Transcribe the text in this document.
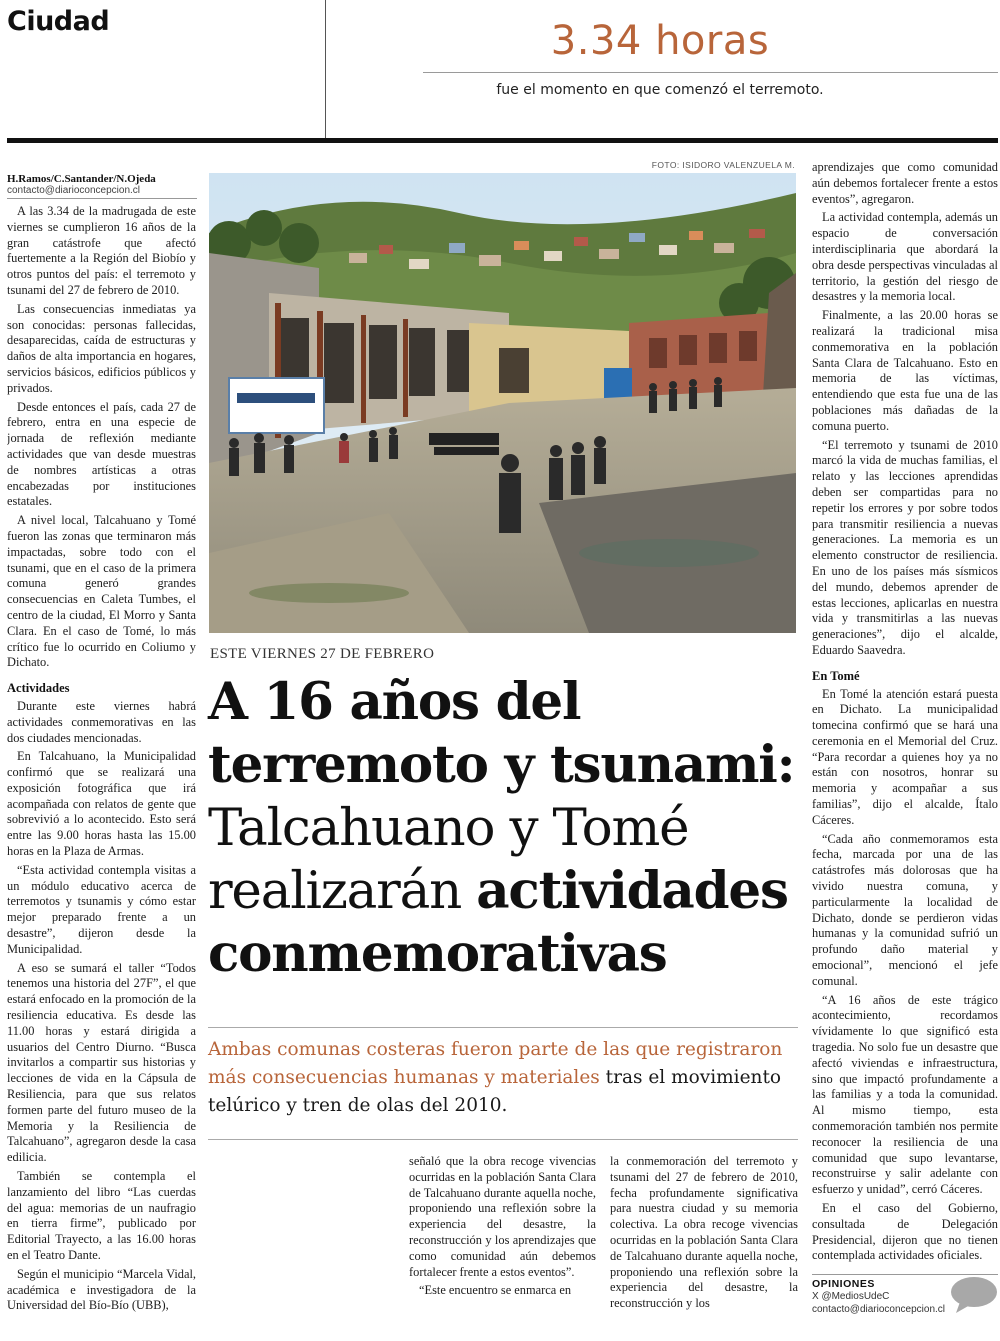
Ciudad	3.34 horas
fue el momento en que comenzó el terremoto.
H.Ramos/C.Santander/N.Ojeda
contacto@diarioconcepcion.cl

A las 3.34 de la madrugada de este viernes se cumplieron 16 años de la gran catástrofe que afectó fuertemente a la Región del Biobío y otros puntos del país: el terremoto y tsunami del 27 de febrero de 2010.

Las consecuencias inmediatas ya son conocidas: personas fallecidas, desaparecidas, caída de estructuras y daños de alta importancia en hogares, servicios básicos, edificios públicos y privados.

Desde entonces el país, cada 27 de febrero, entra en una especie de jornada de reflexión mediante actividades que van desde muestras de nombres artísticas a otras encabezadas por instituciones estatales.

A nivel local, Talcahuano y Tomé fueron las zonas que terminaron más impactadas, sobre todo con el tsunami, que en el caso de la primera comuna generó grandes consecuencias en Caleta Tumbes, el centro de la ciudad, El Morro y Santa Clara. En el caso de Tomé, lo más crítico fue lo ocurrido en Coliumo y Dichato.

Actividades

Durante este viernes habrá actividades conmemorativas en las dos ciudades mencionadas.

En Talcahuano, la Municipalidad confirmó que se realizará una exposición fotográfica que irá acompañada con relatos de gente que sobrevivió a lo acontecido. Esto será entre las 9.00 horas hasta las 15.00 horas en la Plaza de Armas.

“Esta actividad contempla visitas a un módulo educativo acerca de terremotos y tsunamis y cómo estar mejor preparado frente a un desastre”, dijeron desde la Municipalidad.

A eso se sumará el taller “Todos tenemos una historia del 27F”, el que estará enfocado en la promoción de la resiliencia educativa. Es desde las 11.00 horas y estará dirigida a usuarios del Centro Diurno. “Busca invitarlos a compartir sus historias y lecciones de vida en la Cápsula de Resiliencia, para que sus relatos formen parte del futuro museo de la Memoria y la Resiliencia de Talcahuano”, agregaron desde la casa edilicia.

También se contempla el lanzamiento del libro “Las cuerdas del agua: memorias de un naufragio en tierra firme”, publicado por Editorial Trayecto, a las 16.00 horas en el Teatro Dante.

Según el municipio “Marcela Vidal, académica e investigadora de la Universidad del Bío-Bío (UBB),

FOTO: ISIDORO VALENZUELA M.
ESTE VIERNES 27 DE FEBRERO
A 16 años del terremoto y tsunami: Talcahuano y Tomé realizarán actividades conmemorativas
Ambas comunas costeras fueron parte de las que registraron más consecuencias humanas y materiales tras el movimiento telúrico y tren de olas del 2010.

señaló que la obra recoge vivencias ocurridas en la población Santa Clara de Talcahuano durante aquella noche, proponiendo una reflexión sobre la experiencia del desastre, la reconstrucción y los aprendizajes que como comunidad aún debemos fortalecer frente a estos eventos”.

“Este encuentro se enmarca en

la conmemoración del terremoto y tsunami del 27 de febrero de 2010, fecha profundamente significativa para nuestra ciudad y su memoria colectiva. La obra recoge vivencias ocurridas en la población Santa Clara de Talcahuano durante aquella noche, proponiendo una reflexión sobre la experiencia del desastre, la reconstrucción y los

aprendizajes que como comunidad aún debemos fortalecer frente a estos eventos”, agregaron.

La actividad contempla, además un espacio de conversación interdisciplinaria que abordará la obra desde perspectivas vinculadas al territorio, la gestión del riesgo de desastres y la memoria local.

Finalmente, a las 20.00 horas se realizará la tradicional misa conmemorativa en la población Santa Clara de Talcahuano. Esto en memoria de las víctimas, entendiendo que esta fue una de las poblaciones más dañadas de la comuna puerto.

“El terremoto y tsunami de 2010 marcó la vida de muchas familias, el relato y las lecciones aprendidas deben ser compartidas para no repetir los errores y por sobre todos para transmitir resiliencia a nuevas generaciones. La memoria es un elemento constructor de resiliencia. En uno de los países más sísmicos del mundo, debemos aprender de estas lecciones, aplicarlas en nuestra vida y transmitirlas a las nuevas generaciones”, dijo el alcalde, Eduardo Saavedra.

En Tomé

En Tomé la atención estará puesta en Dichato. La municipalidad tomecina confirmó que se hará una ceremonia en el Memorial del Cruz. “Para recordar a quienes hoy ya no están con nosotros, honrar su memoria y acompañar a sus familias”, dijo el alcalde, Ítalo Cáceres.

“Cada año conmemoramos esta fecha, marcada por una de las catástrofes más dolorosas que ha vivido nuestra comuna, y particularmente la localidad de Dichato, donde se perdieron vidas humanas y la comunidad sufrió un profundo daño material y emocional”, mencionó el jefe comunal.

“A 16 años de este trágico acontecimiento, recordamos vívidamente lo que significó esta tragedia. No solo fue un desastre que afectó viviendas e infraestructura, sino que impactó profundamente a las familias y a toda la comunidad. Al mismo tiempo, esta conmemoración también nos permite reconocer la resiliencia de una comunidad que supo levantarse, reconstruirse y salir adelante con esfuerzo y unidad”, cerró Cáceres.

En el caso del Gobierno, consultada de Delegación Presidencial, dijeron que no tienen contemplada actividades oficiales.

OPINIONES
X @MediosUdeC
contacto@diarioconcepcion.cl
